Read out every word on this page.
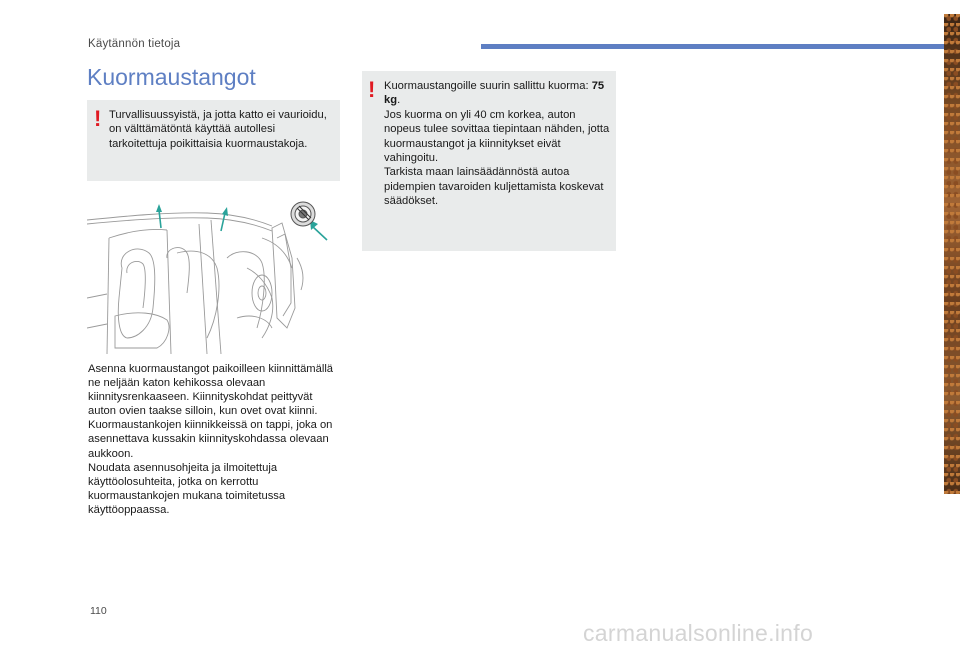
Käytännön tietoja
Kuormaustangot
! Turvallisuussyistä, ja jotta katto ei vaurioidu, on välttämätöntä käyttää autollesi tarkoitettuja poikittaisia kuormaustakoja.
! Kuormaustangoille suurin sallittu kuorma: 75 kg.
Jos kuorma on yli 40 cm korkea, auton nopeus tulee sovittaa tiepintaan nähden, jotta kuormaustangot ja kiinnitykset eivät vahingoitu.
Tarkista maan lainsäädännöstä autoa pidempien tavaroiden kuljettamista koskevat säädökset.
Asenna kuormaustangot paikoilleen kiinnittämällä ne neljään katon kehikossa olevaan kiinnitysrenkaaseen. Kiinnityskohdat peittyvät auton ovien taakse silloin, kun ovet ovat kiinni.
Kuormaustankojen kiinnikkeissä on tappi, joka on asennettava kussakin kiinnityskohdassa olevaan aukkoon.
Noudata asennusohjeita ja ilmoitettuja käyttöolosuhteita, jotka on kerrottu kuormaustankojen mukana toimitetussa käyttöoppaassa.
110
carmanualsonline.info
